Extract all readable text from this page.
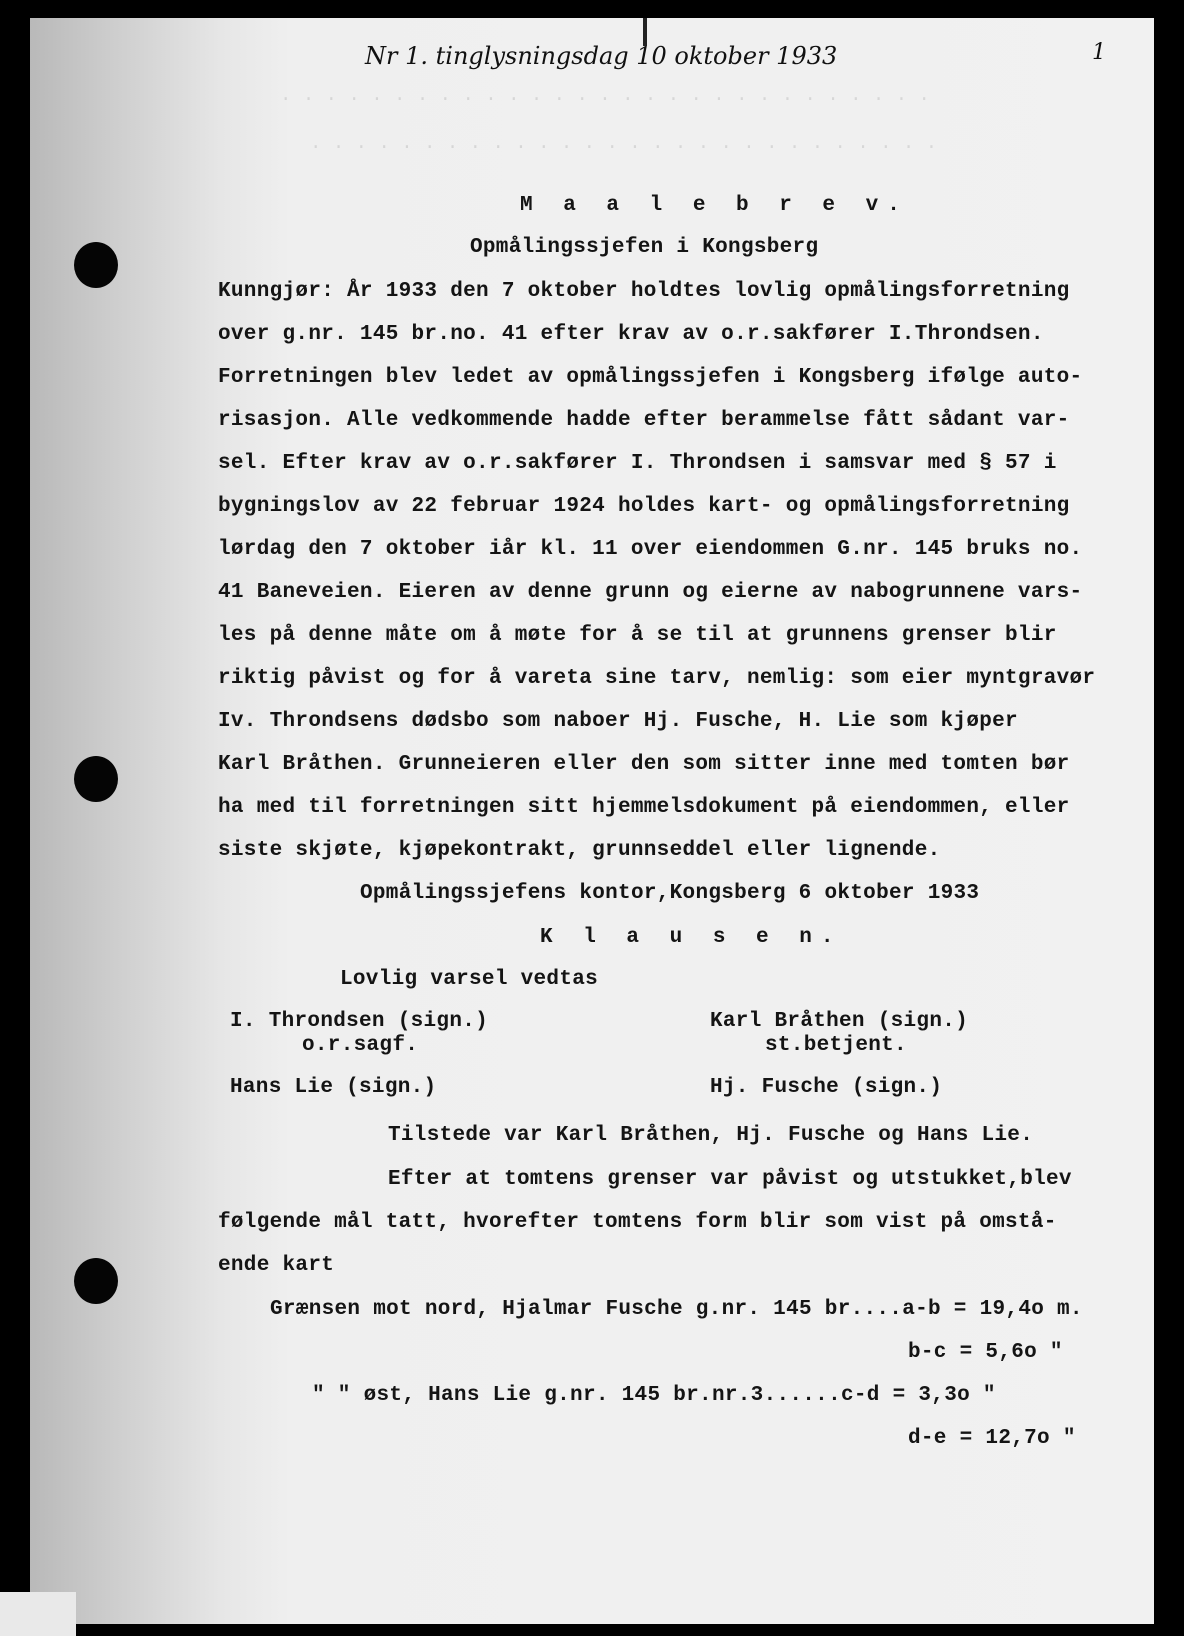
. . . . . . . . . . . . . . . . . . . . . . . . . . . . .
. . . . . . . . . . . . . . . . . . . . . . . . . . . .
Nr 1. tinglysningsdag 10 oktober 1933	1
M a a l e b r e v.
Opmålingssjefen i Kongsberg
Kunngjør: År 1933 den 7 oktober holdtes lovlig opmålingsforretning
over g.nr. 145 br.no. 41 efter krav av o.r.sakfører I.Throndsen.
Forretningen blev ledet av opmålingssjefen i Kongsberg ifølge auto-
risasjon. Alle vedkommende hadde efter berammelse fått sådant var-
sel. Efter krav av o.r.sakfører I. Throndsen i samsvar med § 57 i
bygningslov av 22 februar 1924 holdes kart- og opmålingsforretning
lørdag den 7 oktober iår kl. 11 over eiendommen G.nr. 145 bruks no.
41 Baneveien. Eieren av denne grunn og eierne av nabogrunnene vars-
les på denne måte om å møte for å se til at grunnens grenser blir
riktig påvist og for å vareta sine tarv, nemlig: som eier myntgravør
Iv. Throndsens dødsbo som naboer Hj. Fusche, H. Lie som kjøper
Karl Bråthen. Grunneieren eller den som sitter inne med tomten bør
ha med til forretningen sitt hjemmelsdokument på eiendommen, eller
siste skjøte, kjøpekontrakt, grunnseddel eller lignende.
Opmålingssjefens kontor,Kongsberg 6 oktober 1933
K l a u s e n.
Lovlig varsel vedtas
I. Throndsen (sign.)
o.r.sagf.
Hans Lie (sign.)
Karl Bråthen (sign.)
st.betjent.
Hj. Fusche (sign.)
Tilstede var Karl Bråthen, Hj. Fusche og Hans Lie.
Efter at tomtens grenser var påvist og utstukket,blev
følgende mål tatt, hvorefter tomtens form blir som vist på omstå-
ende kart
Grænsen mot nord, Hjalmar Fusche g.nr. 145 br....a-b = 19,4o m.
b-c = 5,6o "
" " øst, Hans Lie g.nr. 145 br.nr.3......c-d = 3,3o "
d-e = 12,7o "
